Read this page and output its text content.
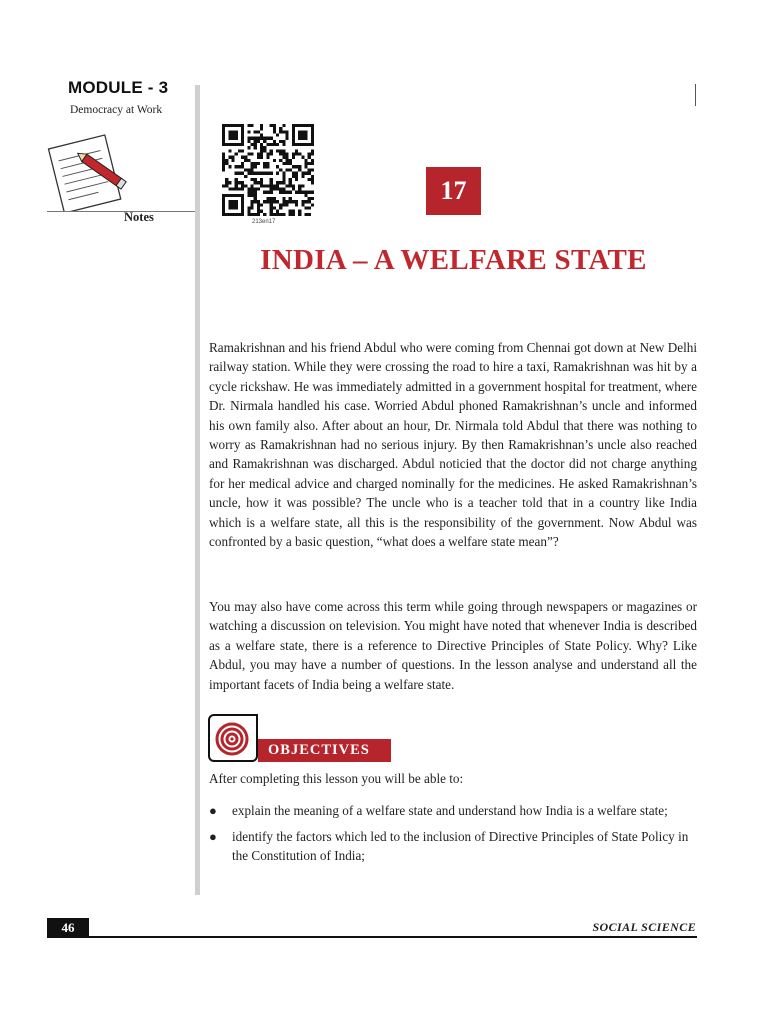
MODULE - 3
Democracy at Work
Notes	213en17
17
INDIA – A WELFARE STATE

Ramakrishnan and his friend Abdul who were coming from Chennai got down at New Delhi railway station. While they were crossing the road to hire a taxi, Ramakrishnan was hit by a cycle rickshaw. He was immediately admitted in a government hospital for treatment, where Dr. Nirmala handled his case. Worried Abdul phoned Ramakrishnan’s uncle and informed his own family also. After about an hour, Dr. Nirmala told Abdul that there was nothing to worry as Ramakrishnan had no serious injury. By then Ramakrishnan’s uncle also reached and Ramakrishnan was discharged. Abdul noticied that the doctor did not charge anything for her medical advice and charged nominally for the medicines. He asked Ramakrishnan’s uncle, how it was possible? The uncle who is a teacher told that in a country like India which is a welfare state, all this is the responsibility of the government. Now Abdul was confronted by a basic question, “what does a welfare state mean”?

You may also have come across this term while going through newspapers or magazines or watching a discussion on television. You might have noted that whenever India is described as a welfare state, there is a reference to Directive Principles of State Policy. Why? Like Abdul, you may have a number of questions. In the lesson analyse and understand all the important facets of India being a welfare state.

OBJECTIVES
After completing this lesson you will be able to:
● explain the meaning of a welfare state and understand how India is a welfare state;
● identify the factors which led to the inclusion of Directive Principles of State Policy in the Constitution of India;
46	SOCIAL SCIENCE
